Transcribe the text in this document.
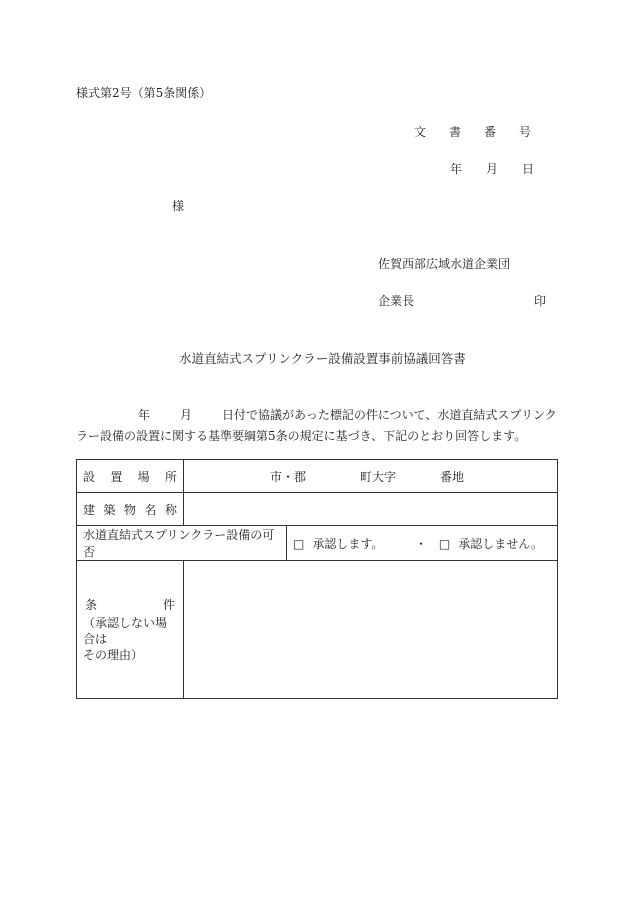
様式第2号（第5条関係）
文	書	番	号
年	月	日
様
佐賀西部広域水道企業団
企業長	印
水道直結式スプリンクラー設備設置事前協議回答書
年	月	日付で協議があった標記の件について、水道直結式スプリンク
ラー設備の設置に関する基準要綱第5条の規定に基づき、下記のとおり回答します。
設 置 場 所	市・郡 町大字 番地	

建 築 物 名 称		

水道直結式スプリンクラー設備の可否		□ 承認します。 ・ □ 承認しません。

条 件
（承認しない場合は
その理由）		
